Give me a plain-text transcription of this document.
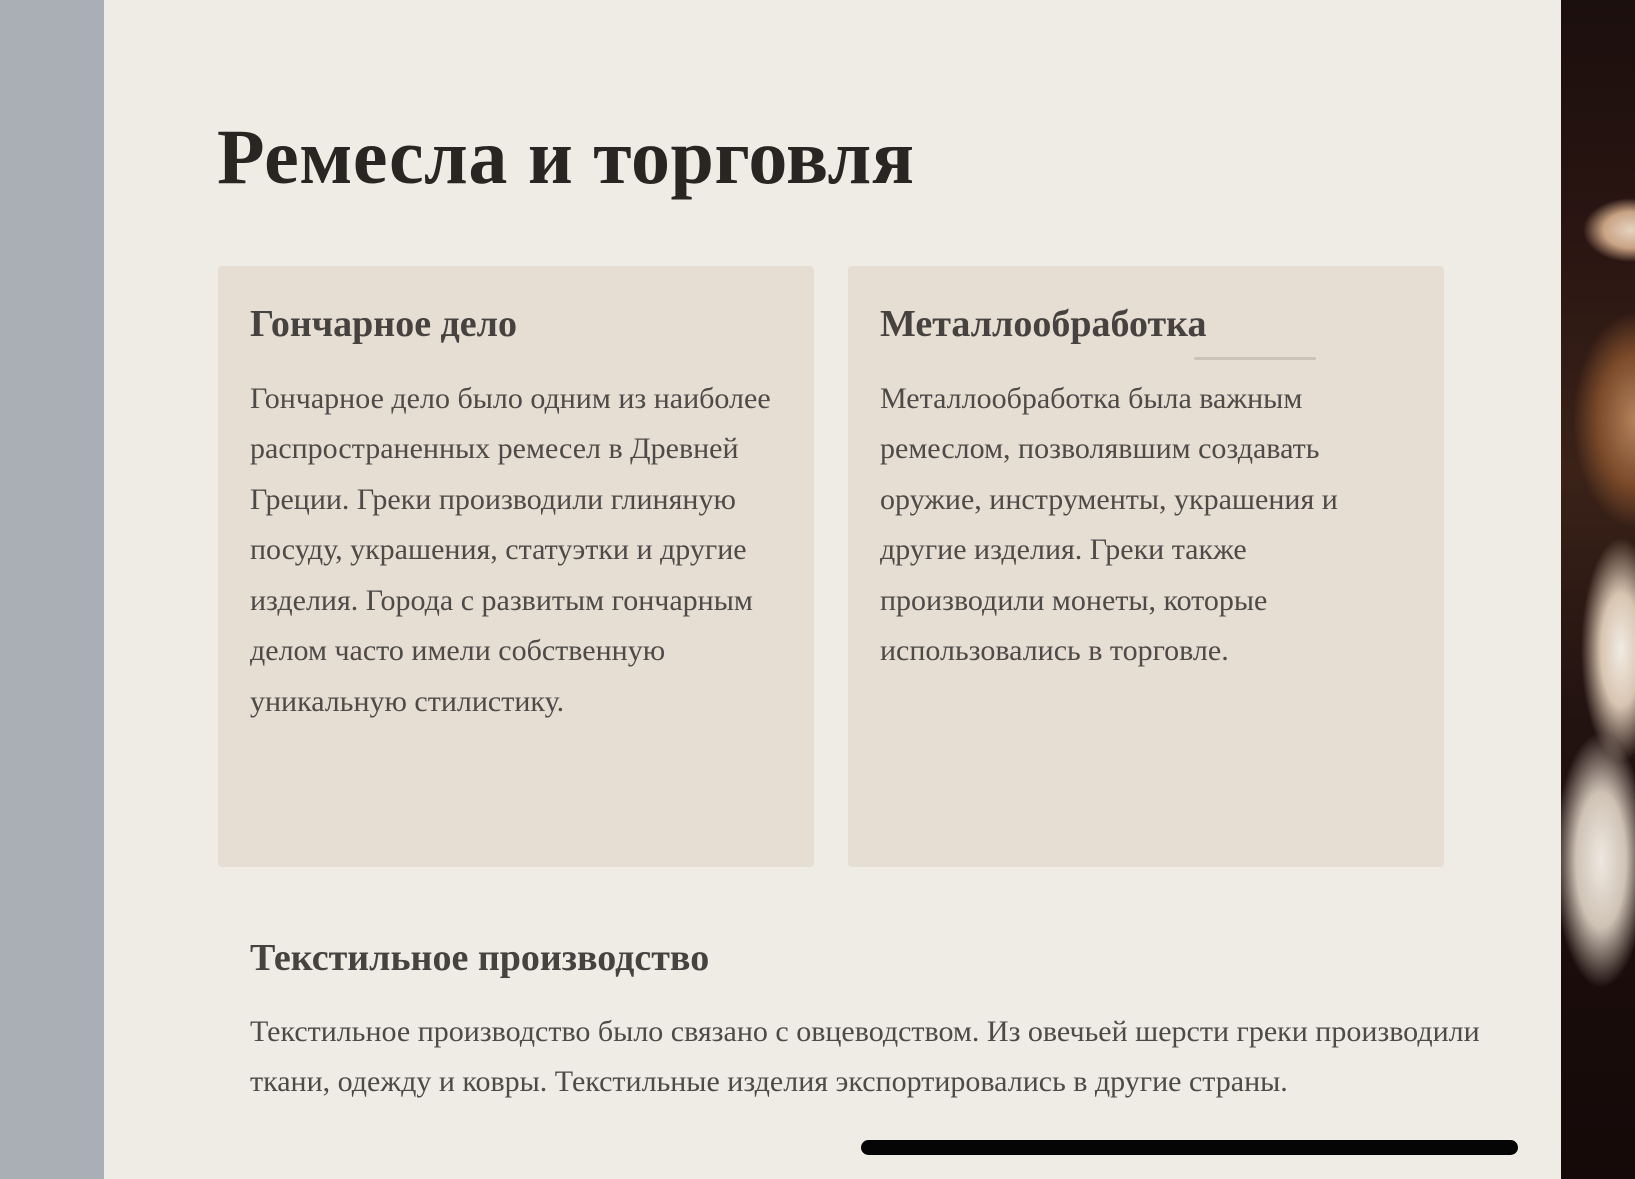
Ремесла и торговля
Гончарное дело

Гончарное дело было одним из наиболее распространенных ремесел в Древней Греции. Греки производили глиняную посуду, украшения, статуэтки и другие изделия. Города с развитым гончарным делом часто имели собственную уникальную стилистику.

Металлообработка

Металлообработка была важным ремеслом, позволявшим создавать оружие, инструменты, украшения и другие изделия. Греки также производили монеты, которые использовались в торговле.

Текстильное производство

Текстильное производство было связано с овцеводством. Из овечьей шерсти греки производили ткани, одежду и ковры. Текстильные изделия экспортировались в другие страны.
